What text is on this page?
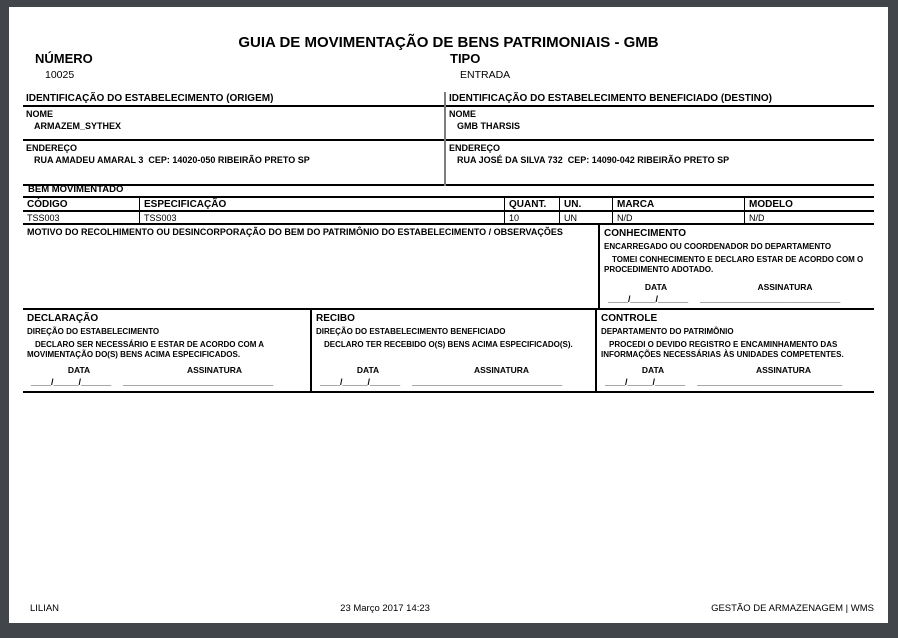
GUIA DE MOVIMENTAÇÃO DE BENS PATRIMONIAIS - GMB
NÚMERO
10025
TIPO
ENTRADA
IDENTIFICAÇÃO DO ESTABELECIMENTO (ORIGEM)
NOME
ARMAZEM_SYTHEX
ENDEREÇO
RUA AMADEU AMARAL 3  CEP: 14020-050 RIBEIRÃO PRETO SP
IDENTIFICAÇÃO DO ESTABELECIMENTO BENEFICIADO (DESTINO)
NOME
GMB THARSIS
ENDEREÇO
RUA JOSÉ DA SILVA 732  CEP: 14090-042 RIBEIRÃO PRETO SP
BEM MOVIMENTADO
CÓDIGO	ESPECIFICAÇÃO	QUANT.	UN.	MARCA	MODELO
TSS003	TSS003	10	UN	N/D	N/D
MOTIVO DO RECOLHIMENTO OU DESINCORPORAÇÃO DO BEM DO PATRIMÔNIO DO ESTABELECIMENTO / OBSERVAÇÕES	CONHECIMENTO
ENCARREGADO OU COORDENADOR DO DEPARTAMENTO
TOMEI CONHECIMENTO E DECLARO ESTAR DE ACORDO COM O PROCEDIMENTO ADOTADO.
DATA	ASSINATURA
____/_____/______ ____________________________
DECLARAÇÃO
DIREÇÃO DO ESTABELECIMENTO
DECLARO SER NECESSÁRIO E ESTAR DE ACORDO COM A MOVIMENTAÇÃO DO(S) BENS ACIMA ESPECIFICADOS.
DATA	ASSINATURA
____/_____/______ ______________________________
RECIBO
DIREÇÃO DO ESTABELECIMENTO BENEFICIADO
DECLARO TER RECEBIDO O(S) BENS ACIMA ESPECIFICADO(S).
DATA	ASSINATURA
____/_____/______ ______________________________
CONTROLE
DEPARTAMENTO DO PATRIMÔNIO
PROCEDI O DEVIDO REGISTRO E ENCAMINHAMENTO DAS INFORMAÇÕES NECESSÁRIAS ÀS UNIDADES COMPETENTES.
DATA	ASSINATURA
____/_____/______ _____________________________
LILIAN	23 Março 2017 14:23	GESTÃO DE ARMAZENAGEM | WMS
